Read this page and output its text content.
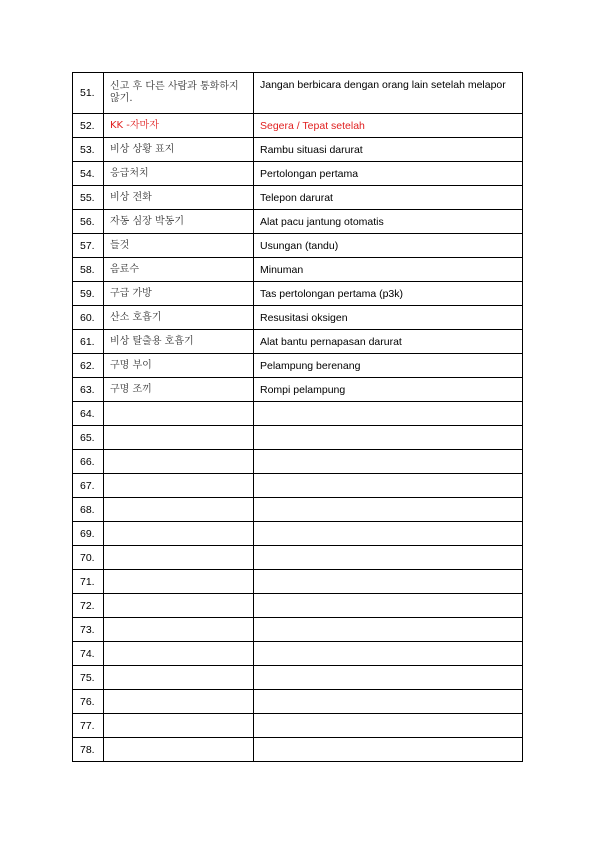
51.	신고 후 다른 사람과 통화하지 않기.	Jangan berbicara dengan orang lain setelah melapor
52.	KK -자마자	Segera / Tepat setelah
53.	비상 상황 표지	Rambu situasi darurat
54.	응급처치	Pertolongan pertama
55.	비상 전화	Telepon darurat
56.	자동 심장 박동기	Alat pacu jantung otomatis
57.	들것	Usungan (tandu)
58.	음료수	Minuman
59.	구급 가방	Tas pertolongan pertama (p3k)
60.	산소 호흡기	Resusitasi oksigen
61.	비상 탈출용 호흡기	Alat bantu pernapasan darurat
62.	구명 부이	Pelampung berenang
63.	구명 조끼	Rompi pelampung
64.		
65.		
66.		
67.		
68.		
69.		
70.		
71.		
72.		
73.		
74.		
75.		
76.		
77.		
78.		
